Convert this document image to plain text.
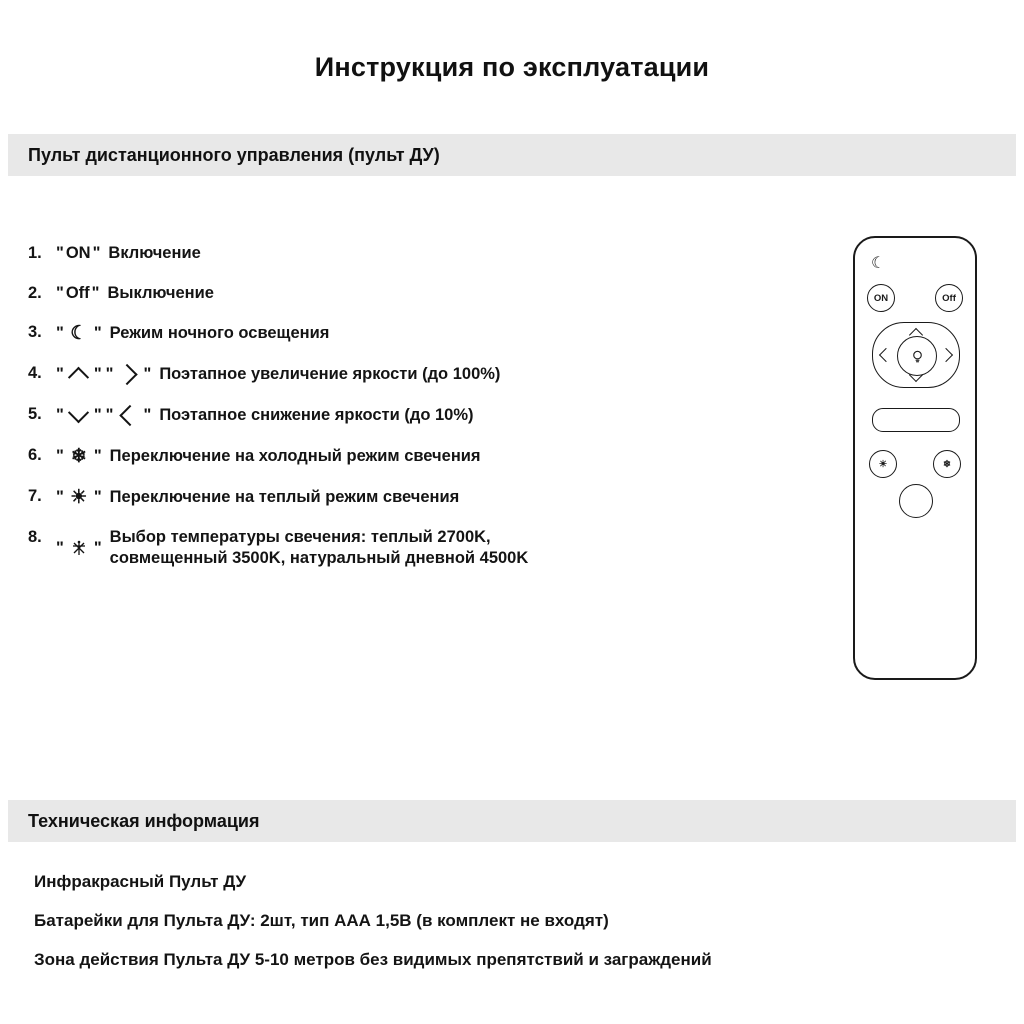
Инструкция по эксплуатации
Пульт дистанционного управления (пульт ДУ)
1. " ON " Включение
2. " Off " Выключение
3. " ☾ " Режим ночного освещения
4. " " " " Поэтапное увеличение яркости (до 100%)
5. " " " " Поэтапное снижение яркости (до 10%)
6. " ❄ " Переключение на холодный режим свечения
7. " ☀ " Переключение на теплый режим свечения
8.
" "
Выбор температуры свечения: теплый 2700K,
совмещенный 3500K, натуральный дневной 4500K
☾
ON	Off
☀	❄
Техническая информация
Инфракрасный Пульт ДУ
Батарейки для Пульта ДУ: 2шт, тип ААА 1,5В (в комплект не входят)
Зона действия Пульта ДУ 5-10 метров без видимых препятствий и заграждений
